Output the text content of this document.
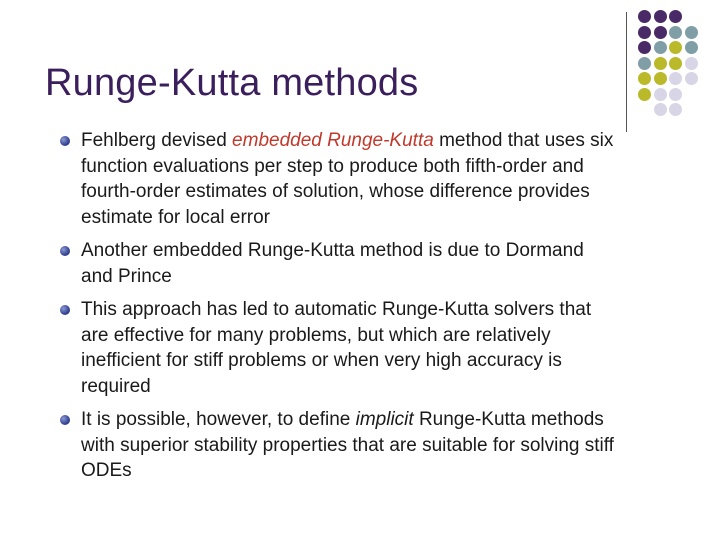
Runge-Kutta methods
Fehlberg devised embedded Runge-Kutta method that uses six function evaluations per step to produce both fifth-order and fourth-order estimates of solution, whose difference provides estimate for local error
Another embedded Runge-Kutta method is due to Dormand and Prince
This approach has led to automatic Runge-Kutta solvers that are effective for many problems, but which are relatively inefficient for stiff problems or when very high accuracy is required
It is possible, however, to define implicit Runge-Kutta methods with superior stability properties that are suitable for solving stiff ODEs
